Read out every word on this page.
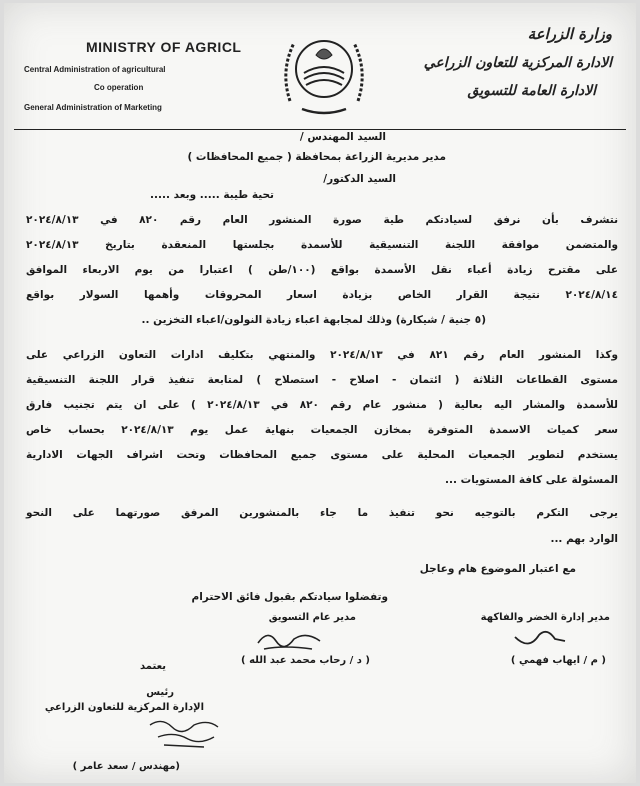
MINISTRY OF AGRICL
Central Administration of agricultural
Co operation
General Administration of Marketing
وزارة الزراعة
الادارة المركزية للتعاون الزراعي
الادارة العامة للتسويق
السيد المهندس /
مدير مديرية الزراعة بمحافظة ( جميع المحافظات )
السيد الدكتور/
تحية طيبة ..... وبعد .....
نتشرف بأن نرفق لسيادتكم طية صورة المنشور العام رقم ٨٢٠ في ٢٠٢٤/٨/١٣
والمتضمن موافقة اللجنة التنسيقية للأسمدة بجلستها المنعقدة بتاريخ ٢٠٢٤/٨/١٣
على مقترح زيادة أعباء نقل الأسمدة بواقع (١٠٠/طن ) اعتبارا من يوم الاربعاء الموافق
٢٠٢٤/٨/١٤ نتيجة القرار الخاص بزيادة اسعار المحروقات وأهمها السولار بواقع
(٥ جنية / شيكارة) وذلك لمجابهة اعباء زيادة النولون/اعباء التخزين ..
وكذا المنشور العام رقم ٨٢١ في ٢٠٢٤/٨/١٣ والمنتهي بتكليف ادارات التعاون الزراعي على
مستوى القطاعات الثلاثة ( ائتمان - اصلاح - استصلاح ) لمتابعة تنفيذ قرار اللجنة التنسيقية
للأسمدة والمشار اليه بعالية ( منشور عام رقم ٨٢٠ في ٢٠٢٤/٨/١٣ ) على ان يتم تجنيب فارق
سعر كميات الاسمدة المتوفرة بمخازن الجمعيات بنهاية عمل يوم ٢٠٢٤/٨/١٣ بحساب خاص
يستخدم لتطوير الجمعيات المحلية على مستوى جميع المحافظات وتحت اشراف الجهات الادارية
المسئولة على كافة المستويات ...
يرجى التكرم بالتوجيه نحو تنفيذ ما جاء بالمنشورين المرفق صورتهما على النحو
الوارد بهم ...
مع اعتبار الموضوع هام وعاجل
وتفضلوا سيادتكم بقبول فائق الاحترام
مدير عام التسويق
( د / رحاب محمد عبد الله )
مدير إدارة الخضر والفاكهة
( م / ايهاب فهمي )
يعتمد
رئيس
الإدارة المركزية للتعاون الزراعي
(مهندس / سعد عامر )
